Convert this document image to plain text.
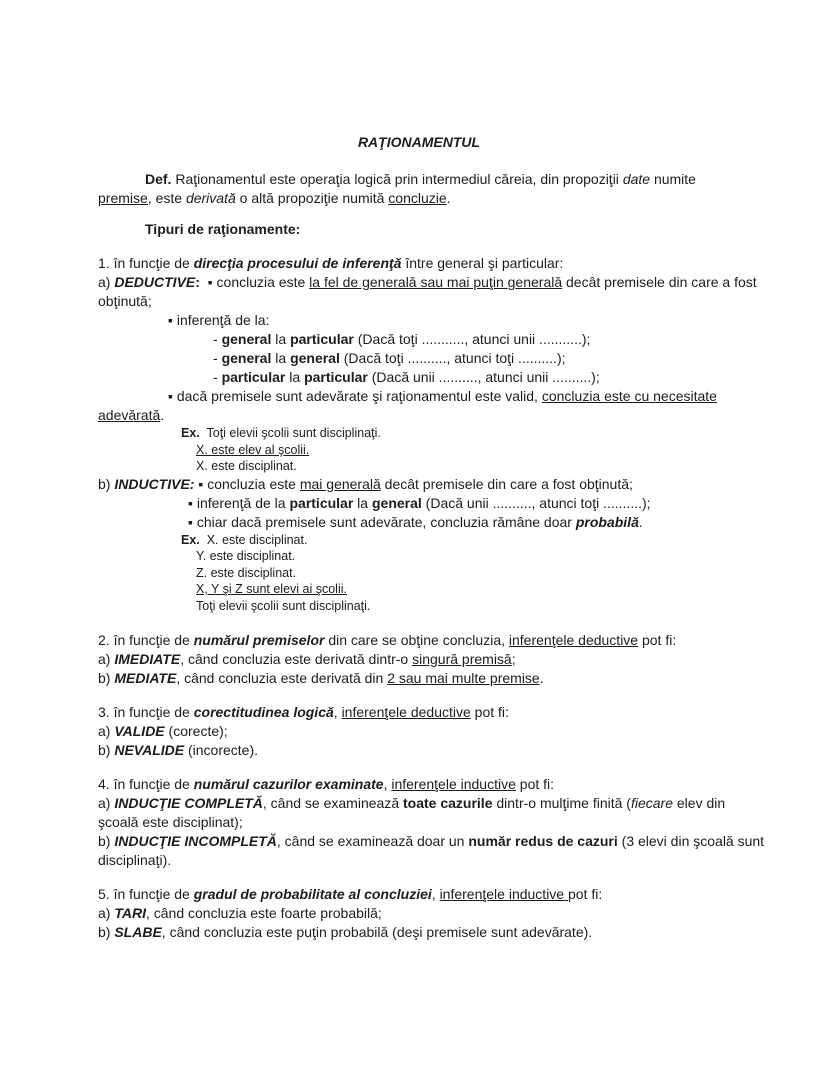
RAŢIONAMENTUL
Def. Raţionamentul este operaţia logică prin intermediul căreia, din propoziţii date numite
premise, este derivată o altă propoziţie numită concluzie.
Tipuri de raţionamente:
1. în funcţie de direcţia procesului de inferenţă între general şi particular:
a) DEDUCTIVE:  ▪ concluzia este la fel de generală sau mai puţin generală decât premisele din care a fost
obţinută;
▪ inferenţă de la:
- general la particular (Dacă toţi ..........., atunci unii ...........);
- general la general (Dacă toţi .........., atunci toţi ..........);
- particular la particular (Dacă unii .........., atunci unii ..........);
▪ dacă premisele sunt adevărate şi raţionamentul este valid, concluzia este cu necesitate
adevărată.
Ex.  Toţi elevii şcolii sunt disciplinaţi.
X. este elev al şcolii.
X. este disciplinat.
b) INDUCTIVE: ▪ concluzia este mai generală decât premisele din care a fost obţinută;
▪ inferenţă de la particular la general (Dacă unii .........., atunci toţi ..........);
▪ chiar dacă premisele sunt adevărate, concluzia rămâne doar probabilă.
Ex.  X. este disciplinat.
Y. este disciplinat.
Z. este disciplinat.
X, Y şi Z sunt elevi ai şcolii.
Toţi elevii şcolii sunt disciplinaţi.
2. în funcţie de numărul premiselor din care se obţine concluzia, inferenţele deductive pot fi:
a) IMEDIATE, când concluzia este derivată dintr-o singură premisă;
b) MEDIATE, când concluzia este derivată din 2 sau mai multe premise.
3. în funcţie de corectitudinea logică, inferenţele deductive pot fi:
a) VALIDE (corecte);
b) NEVALIDE (incorecte).
4. în funcţie de numărul cazurilor examinate, inferenţele inductive pot fi:
a) INDUCŢIE COMPLETĂ, când se examinează toate cazurile dintr-o mulţime finită (fiecare elev din
şcoală este disciplinat);
b) INDUCŢIE INCOMPLETĂ, când se examinează doar un număr redus de cazuri (3 elevi din şcoală sunt
disciplinaţi).
5. în funcţie de gradul de probabilitate al concluziei, inferenţele inductive pot fi:
a) TARI, când concluzia este foarte probabilă;
b) SLABE, când concluzia este puţin probabilă (deşi premisele sunt adevărate).
